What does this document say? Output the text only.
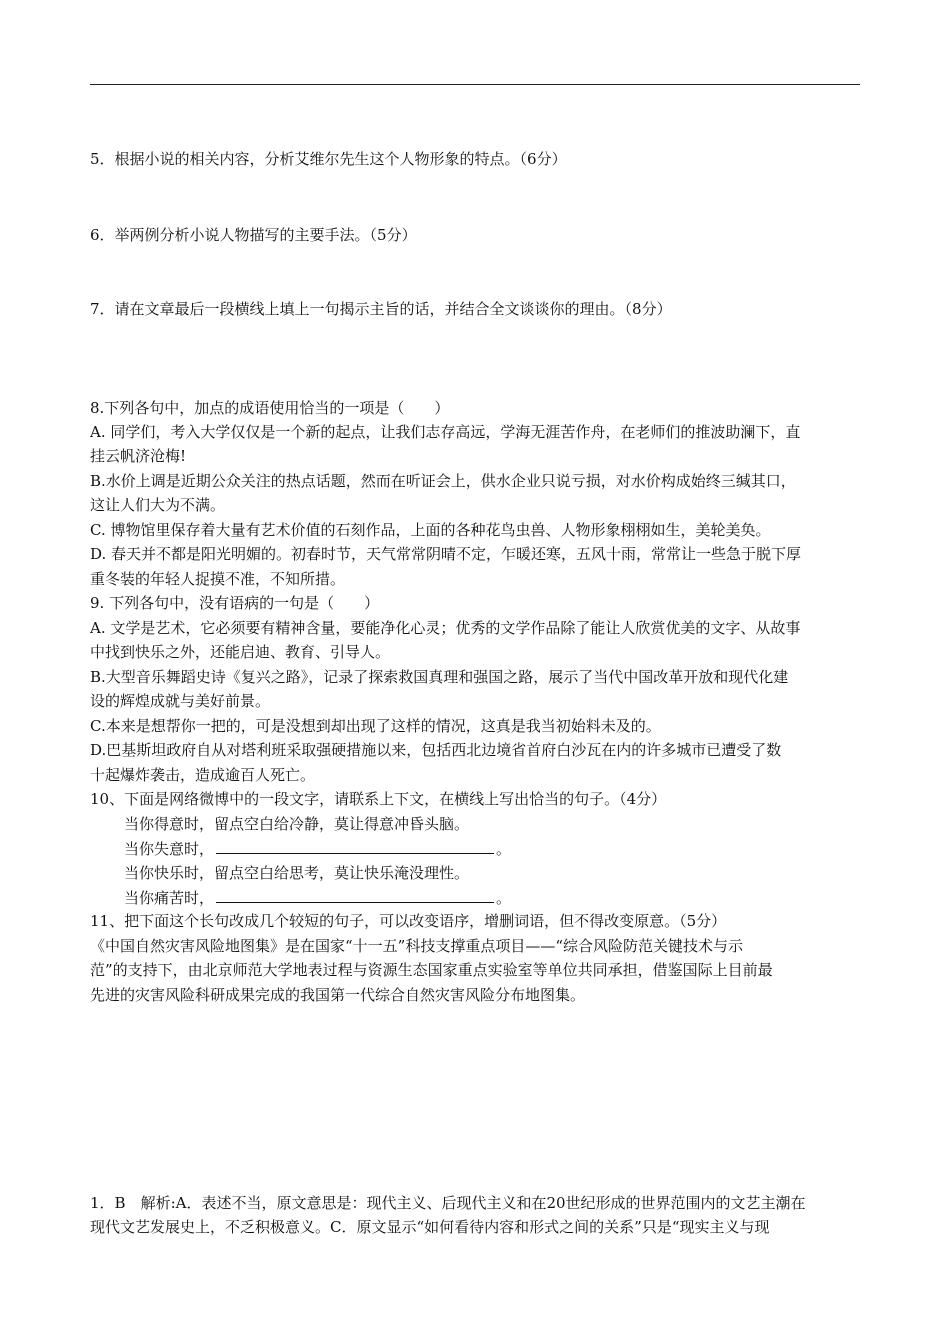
5．根据小说的相关内容，分析艾维尔先生这个人物形象的特点。（6分）
6．举两例分析小说人物描写的主要手法。（5分）
7．请在文章最后一段横线上填上一句揭示主旨的话，并结合全文谈谈你的理由。（8分）
8.下列各句中，加点的成语使用恰当的一项是（　　）
A. 同学们，考入大学仅仅是一个新的起点，让我们志存高远，学海无涯苦作舟，在老师们的推波助澜下，直
挂云帆济沧梅!
B.水价上调是近期公众关注的热点话题，然而在听证会上，供水企业只说亏损，对水价构成始终三缄其口，
这让人们大为不满。
C. 博物馆里保存着大量有艺术价值的石刻作品，上面的各种花鸟虫兽、人物形象栩栩如生，美轮美奂。
D. 春天并不都是阳光明媚的。初春时节，天气常常阴晴不定，乍暖还寒，五风十雨，常常让一些急于脱下厚
重冬装的年轻人捉摸不准，不知所措。
9. 下列各句中，没有语病的一句是（　　）
A. 文学是艺术，它必须要有精神含量，要能净化心灵；优秀的文学作品除了能让人欣赏优美的文字、从故事
中找到快乐之外，还能启迪、教育、引导人。
B.大型音乐舞蹈史诗《复兴之路》，记录了探索救国真理和强国之路，展示了当代中国改革开放和现代化建
设的辉煌成就与美好前景。
C.本来是想帮你一把的，可是没想到却出现了这样的情况，这真是我当初始料未及的。
D.巴基斯坦政府自从对塔利班采取强硬措施以来，包括西北边境省首府白沙瓦在内的许多城市已遭受了数
十起爆炸袭击，造成逾百人死亡。
10、下面是网络微博中的一段文字，请联系上下文，在横线上写出恰当的句子。（4分）
当你得意时，留点空白给冷静，莫让得意冲昏头脑。
当你失意时，	。
当你快乐时，留点空白给思考，莫让快乐淹没理性。
当你痛苦时，	。
11、把下面这个长句改成几个较短的句子，可以改变语序，增删词语，但不得改变原意。（5分）
《中国自然灾害风险地图集》是在国家“十一五”科技支撑重点项目——“综合风险防范关键技术与示
范”的支持下，由北京师范大学地表过程与资源生态国家重点实验室等单位共同承担，借鉴国际上目前最
先进的灾害风险科研成果完成的我国第一代综合自然灾害风险分布地图集。
1．B　解析:A．表述不当，原文意思是：现代主义、后现代主义和在20世纪形成的世界范围内的文艺主潮在
现代文艺发展史上，不乏积极意义。C．原文显示“如何看待内容和形式之间的关系”只是“现实主义与现
